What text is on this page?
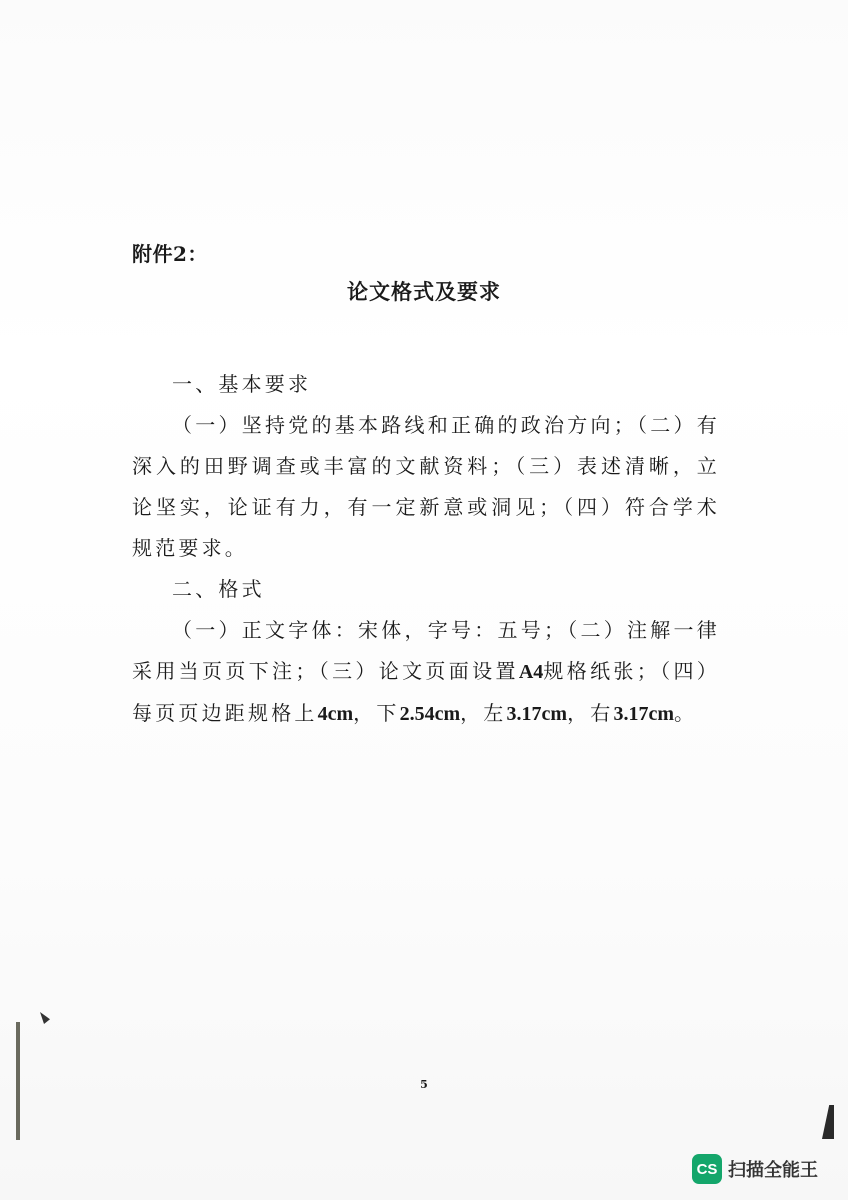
附件2：
论文格式及要求

一、基本要求

（一）坚持党的基本路线和正确的政治方向；（二）有深入的田野调查或丰富的文献资料；（三）表述清晰，立论坚实，论证有力，有一定新意或洞见；（四）符合学术规范要求。

二、格式

（一）正文字体：宋体，字号：五号；（二）注解一律采用当页页下注；（三）论文页面设置A4规格纸张；（四）每页页边距规格上4cm，下2.54cm，左3.17cm，右3.17cm。

5
CS 扫描全能王
